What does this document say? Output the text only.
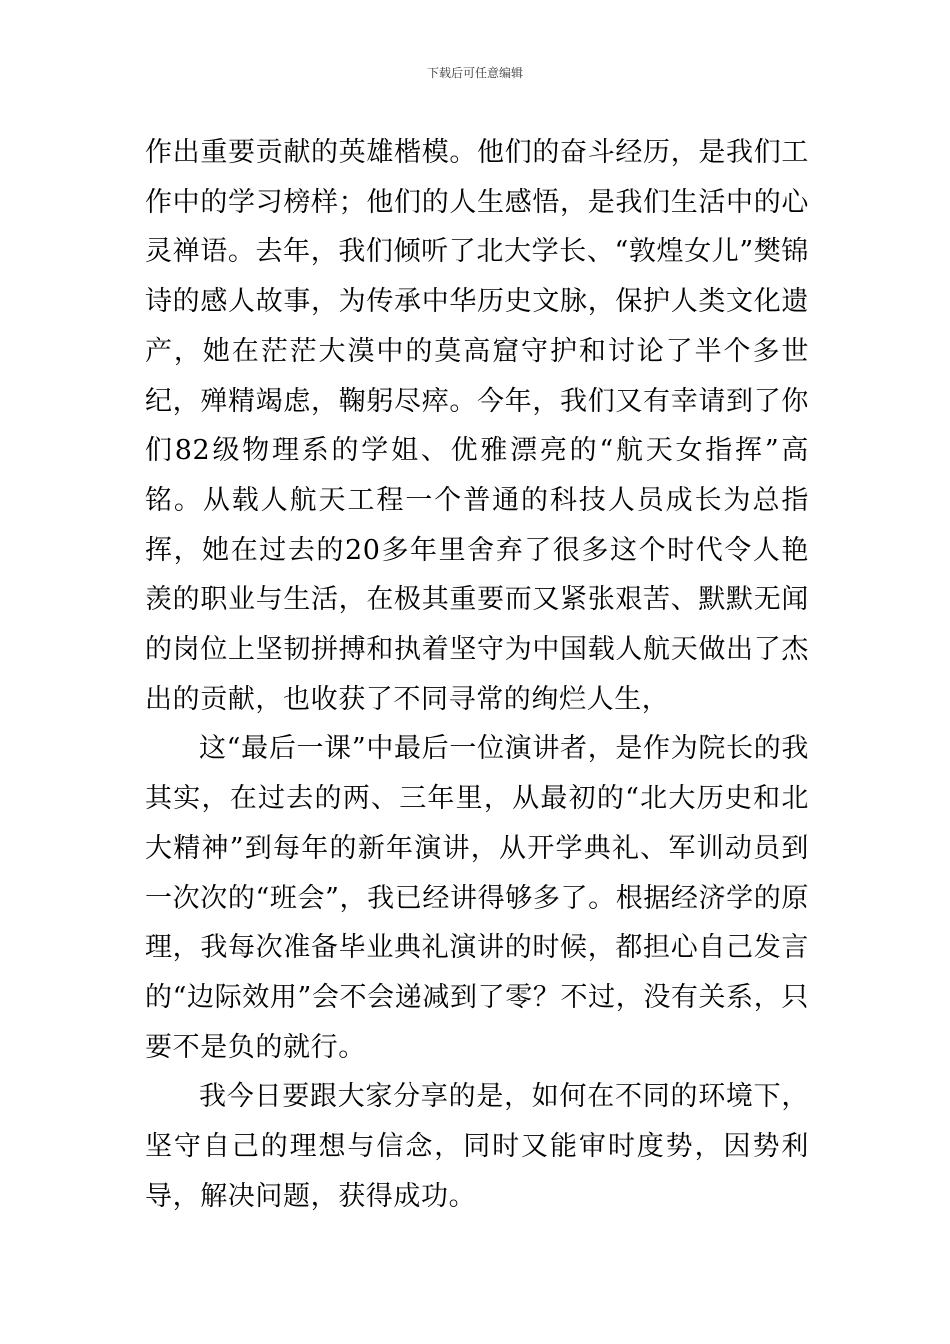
下载后可任意编辑

作出重要贡献的英雄楷模。他们的奋斗经历，是我们工作中的学习榜样；他们的人生感悟，是我们生活中的心灵禅语。去年，我们倾听了北大学长、“敦煌女儿”樊锦诗的感人故事，为传承中华历史文脉，保护人类文化遗产，她在茫茫大漠中的莫高窟守护和讨论了半个多世纪，殚精竭虑，鞠躬尽瘁。今年，我们又有幸请到了你们82级物理系的学姐、优雅漂亮的“航天女指挥”高铭。从载人航天工程一个普通的科技人员成长为总指挥，她在过去的20多年里舍弃了很多这个时代令人艳羡的职业与生活，在极其重要而又紧张艰苦、默默无闻的岗位上坚韧拼搏和执着坚守为中国载人航天做出了杰出的贡献，也收获了不同寻常的绚烂人生，

这“最后一课”中最后一位演讲者，是作为院长的我其实，在过去的两、三年里，从最初的“北大历史和北大精神”到每年的新年演讲，从开学典礼、军训动员到一次次的“班会”，我已经讲得够多了。根据经济学的原理，我每次准备毕业典礼演讲的时候，都担心自己发言的“边际效用”会不会递减到了零？不过，没有关系，只要不是负的就行。

我今日要跟大家分享的是，如何在不同的环境下，坚守自己的理想与信念，同时又能审时度势，因势利导，解决问题，获得成功。
